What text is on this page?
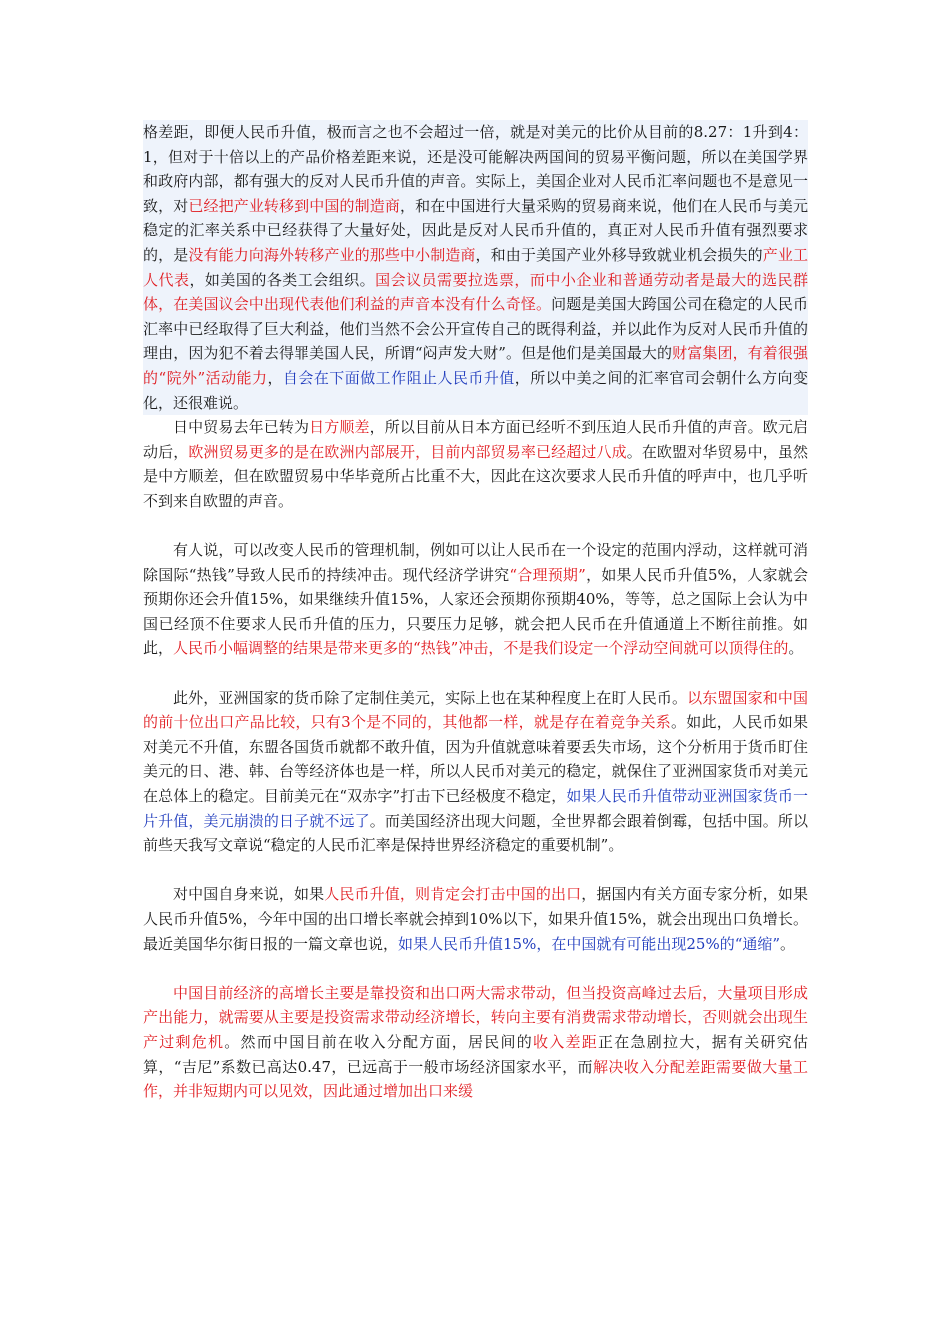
格差距，即便人民币升值，极而言之也不会超过一倍，就是对美元的比价从目前的8.27：1升到4：1，但对于十倍以上的产品价格差距来说，还是没可能解决两国间的贸易平衡问题，所以在美国学界和政府内部，都有强大的反对人民币升值的声音。实际上，美国企业对人民币汇率问题也不是意见一致，对已经把产业转移到中国的制造商，和在中国进行大量采购的贸易商来说，他们在人民币与美元稳定的汇率关系中已经获得了大量好处，因此是反对人民币升值的，真正对人民币升值有强烈要求的，是没有能力向海外转移产业的那些中小制造商，和由于美国产业外移导致就业机会损失的产业工人代表，如美国的各类工会组织。国会议员需要拉选票，而中小企业和普通劳动者是最大的选民群体，在美国议会中出现代表他们利益的声音本没有什么奇怪。问题是美国大跨国公司在稳定的人民币汇率中已经取得了巨大利益，他们当然不会公开宣传自己的既得利益，并以此作为反对人民币升值的理由，因为犯不着去得罪美国人民，所谓“闷声发大财”。但是他们是美国最大的财富集团，有着很强的“院外”活动能力，自会在下面做工作阻止人民币升值，所以中美之间的汇率官司会朝什么方向变化，还很难说。

日中贸易去年已转为日方顺差，所以目前从日本方面已经听不到压迫人民币升值的声音。欧元启动后，欧洲贸易更多的是在欧洲内部展开，目前内部贸易率已经超过八成。在欧盟对华贸易中，虽然是中方顺差，但在欧盟贸易中华毕竟所占比重不大，因此在这次要求人民币升值的呼声中，也几乎听不到来自欧盟的声音。

有人说，可以改变人民币的管理机制，例如可以让人民币在一个设定的范围内浮动，这样就可消除国际“热钱”导致人民币的持续冲击。现代经济学讲究“合理预期”，如果人民币升值5%，人家就会预期你还会升值15%，如果继续升值15%，人家还会预期你预期40%，等等，总之国际上会认为中国已经顶不住要求人民币升值的压力，只要压力足够，就会把人民币在升值通道上不断往前推。如此，人民币小幅调整的结果是带来更多的“热钱”冲击，不是我们设定一个浮动空间就可以顶得住的。

此外，亚洲国家的货币除了定制住美元，实际上也在某种程度上在盯人民币。以东盟国家和中国的前十位出口产品比较，只有3个是不同的，其他都一样，就是存在着竞争关系。如此，人民币如果对美元不升值，东盟各国货币就都不敢升值，因为升值就意味着要丢失市场，这个分析用于货币盯住美元的日、港、韩、台等经济体也是一样，所以人民币对美元的稳定，就保住了亚洲国家货币对美元在总体上的稳定。目前美元在“双赤字”打击下已经极度不稳定，如果人民币升值带动亚洲国家货币一片升值，美元崩溃的日子就不远了。而美国经济出现大问题，全世界都会跟着倒霉，包括中国。所以前些天我写文章说“稳定的人民币汇率是保持世界经济稳定的重要机制”。

对中国自身来说，如果人民币升值，则肯定会打击中国的出口，据国内有关方面专家分析，如果人民币升值5%，今年中国的出口增长率就会掉到10%以下，如果升值15%，就会出现出口负增长。最近美国华尔街日报的一篇文章也说，如果人民币升值15%，在中国就有可能出现25%的“通缩”。

中国目前经济的高增长主要是靠投资和出口两大需求带动，但当投资高峰过去后，大量项目形成产出能力，就需要从主要是投资需求带动经济增长，转向主要有消费需求带动增长，否则就会出现生产过剩危机。然而中国目前在收入分配方面，居民间的收入差距正在急剧拉大，据有关研究估算，“吉尼”系数已高达0.47，已远高于一般市场经济国家水平，而解决收入分配差距需要做大量工作，并非短期内可以见效，因此通过增加出口来缓
